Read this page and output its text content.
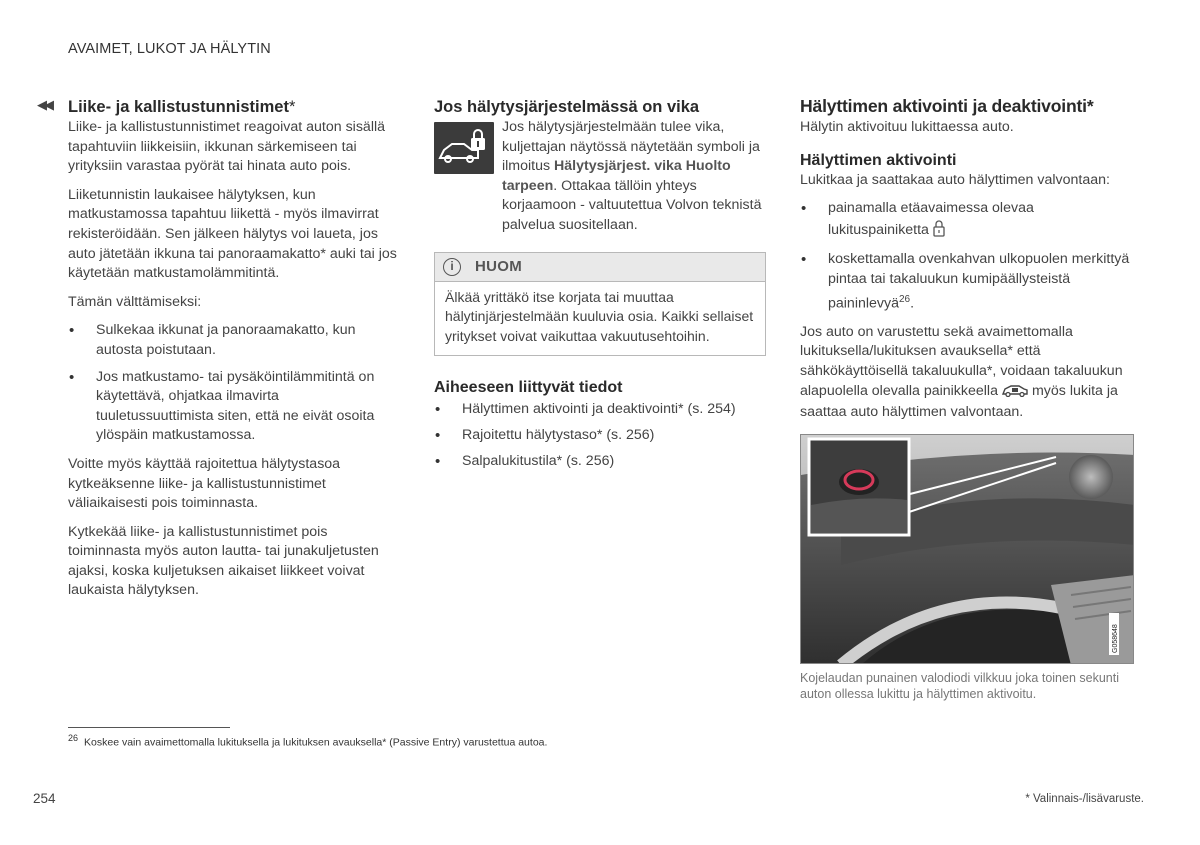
AVAIMET, LUKOT JA HÄLYTIN
◀◀ Liike- ja kallistustunnistimet*

Liike- ja kallistustunnistimet reagoivat auton sisällä tapahtuviin liikkeisiin, ikkunan särkemiseen tai yrityksiin varastaa pyörät tai hinata auto pois.

Liiketunnistin laukaisee hälytyksen, kun matkustamossa tapahtuu liikettä - myös ilmavirrat rekisteröidään. Sen jälkeen hälytys voi laueta, jos auto jätetään ikkuna tai panoraamakatto* auki tai jos käytetään matkustamolämmitintä.

Tämän välttämiseksi:

• Sulkekaa ikkunat ja panoraamakatto, kun autosta poistutaan.
• Jos matkustamo- tai pysäköintilämmitintä on käytettävä, ohjatkaa ilmavirta tuuletussuuttimista siten, että ne eivät osoita ylöspäin matkustamossa.

Voitte myös käyttää rajoitettua hälytystasoa kytkeäksenne liike- ja kallistustunnistimet väliaikaisesti pois toiminnasta.

Kytkekää liike- ja kallistustunnistimet pois toiminnasta myös auton lautta- tai junakuljetusten ajaksi, koska kuljetuksen aikaiset liikkeet voivat laukaista hälytyksen.

Jos hälytysjärjestelmässä on vika

Jos hälytysjärjestelmään tulee vika, kuljettajan näytössä näytetään symboli ja ilmoitus Hälytysjärjest. vika Huolto tarpeen. Ottakaa tällöin yhteys korjaamoon - valtuutettua Volvon teknistä palvelua suositellaan.

i	HUOM
Älkää yrittäkö itse korjata tai muuttaa hälytinjärjestelmään kuuluvia osia. Kaikki sellaiset yritykset voivat vaikuttaa vakuutusehtoihin.
Aiheeseen liittyvät tiedot
• Hälyttimen aktivointi ja deaktivointi* (s. 254)
• Rajoitettu hälytystaso* (s. 256)
• Salpalukitustila* (s. 256)
Hälyttimen aktivointi ja deaktivointi*

Hälytin aktivoituu lukittaessa auto.

Hälyttimen aktivointi

Lukitkaa ja saattakaa auto hälyttimen valvontaan:

• painamalla etäavaimessa olevaa lukituspainiketta
• koskettamalla ovenkahvan ulkopuolen merkittyä pintaa tai takaluukun kumipäällysteistä paininlevyä$^{26}$.

Jos auto on varustettu sekä avaimettomalla lukituksella/lukituksen avauksella* että sähkökäyttöisellä takaluukulla*, voidaan takaluukun alapuolella olevalla painikkeella myös lukita ja saattaa auto hälyttimen valvontaan.

G058648
Kojelaudan punainen valodiodi vilkkuu joka toinen sekunti auton ollessa lukittu ja hälyttimen aktivoitu.
$^{26}$ Koskee vain avaimettomalla lukituksella ja lukituksen avauksella* (Passive Entry) varustettua autoa.
254	* Valinnais-/lisävaruste.
